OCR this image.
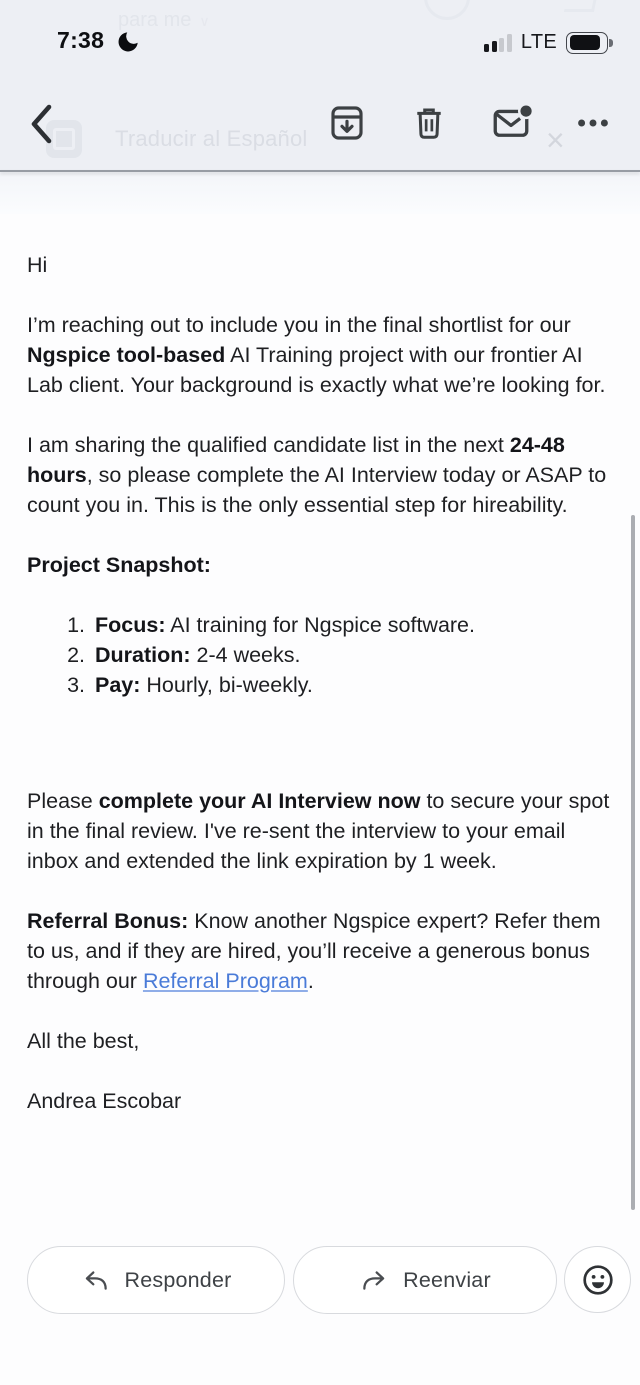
para me ∨
Traducir al Español	×
7:38	LTE

Hi

I’m reaching out to include you in the final shortlist for our Ngspice tool-based AI Training project with our frontier AI Lab client. Your background is exactly what we’re looking for.

I am sharing the qualified candidate list in the next 24-48 hours, so please complete the AI Interview today or ASAP to count you in. This is the only essential step for hireability.

Project Snapshot:

1. Focus: AI training for Ngspice software.
2. Duration: 2-4 weeks.
3. Pay: Hourly, bi-weekly.

Please complete your AI Interview now to secure your spot in the final review. I've re-sent the interview to your email inbox and extended the link expiration by 1 week.

Referral Bonus: Know another Ngspice expert? Refer them to us, and if they are hired, you’ll receive a generous bonus through our Referral Program.

All the best,

Andrea Escobar

Responder	Reenviar
